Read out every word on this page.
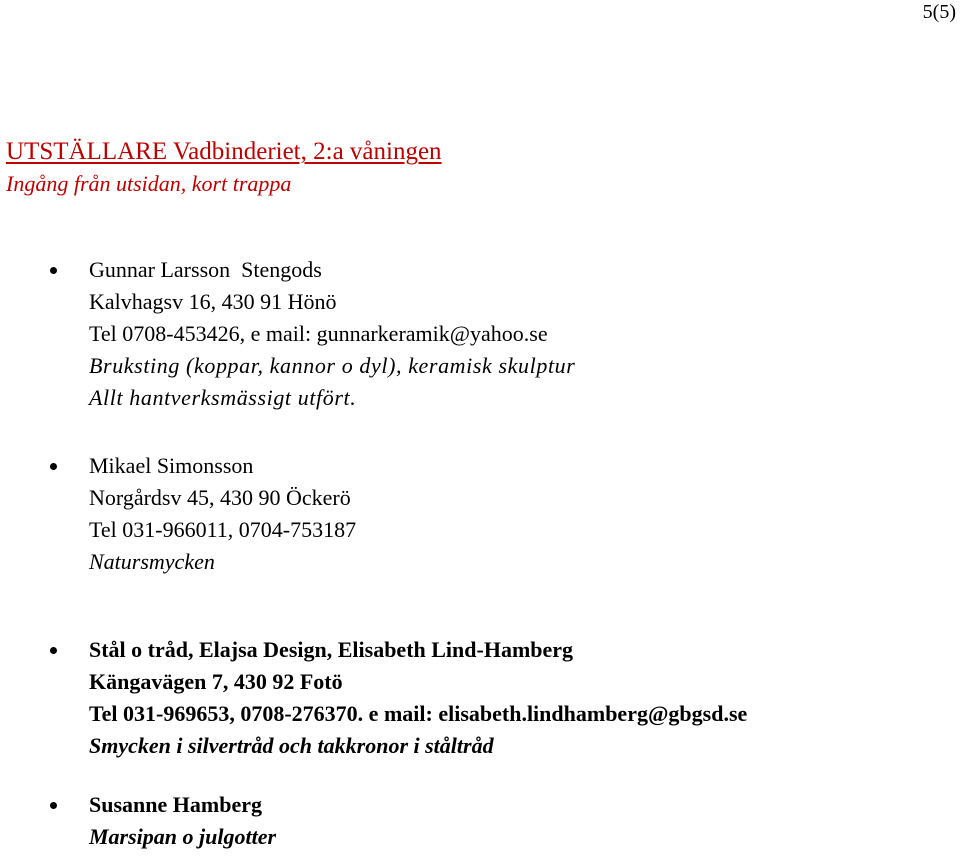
5(5)
UTSTÄLLARE Vadbinderiet, 2:a våningen
Ingång från utsidan, kort trappa
Gunnar Larsson  Stengods
Kalvhagsv 16, 430 91 Hönö
Tel 0708-453426, e mail: gunnarkeramik@yahoo.se
Bruksting (koppar, kannor o dyl), keramisk skulptur
Allt hantverksmässigt utfört.
Mikael Simonsson
Norgårdsv 45, 430 90 Öckerö
Tel 031-966011, 0704-753187
Natursmycken
Stål o tråd, Elajsa Design, Elisabeth Lind-Hamberg
Kängavägen 7, 430 92 Fotö
Tel 031-969653, 0708-276370. e mail: elisabeth.lindhamberg@gbgsd.se
Smycken i silvertråd och takkronor i ståltråd
Susanne Hamberg
Marsipan o julgotter
